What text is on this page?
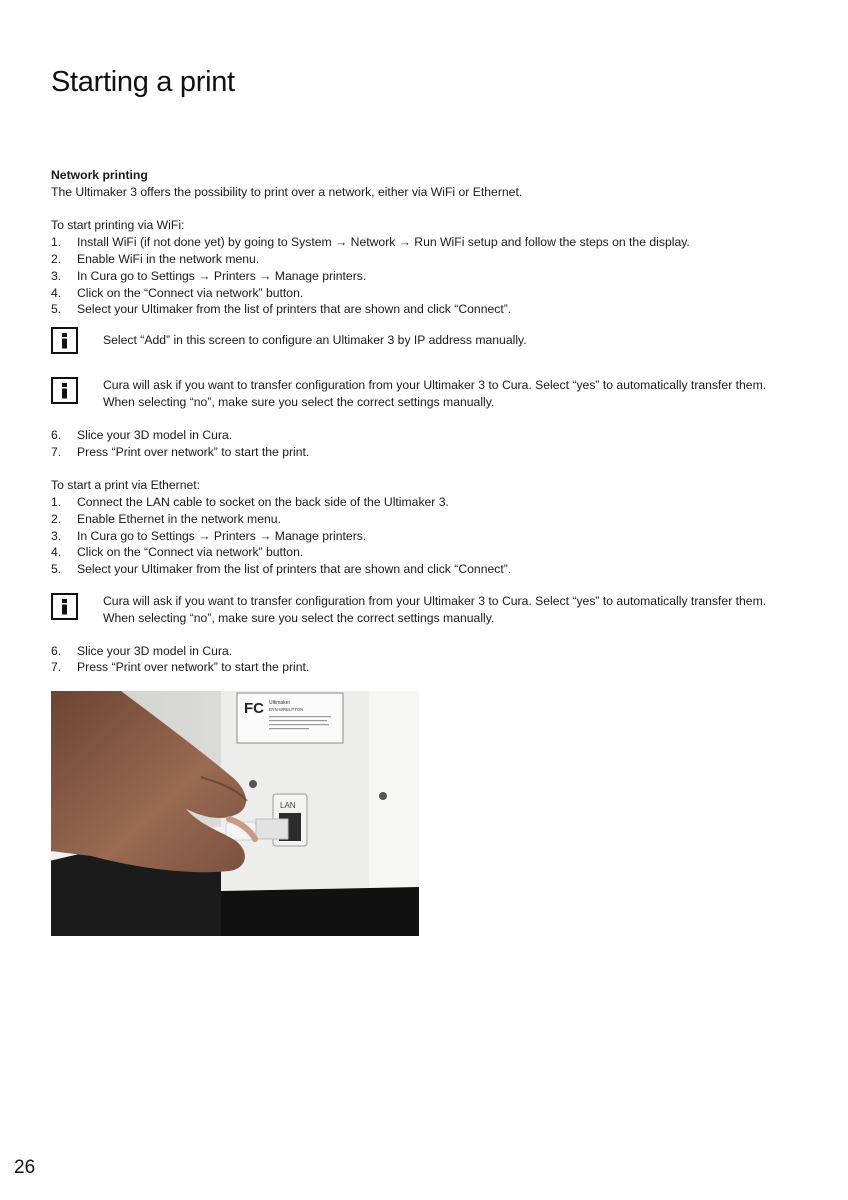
Starting a print

Network printing

The Ultimaker 3 offers the possibility to print over a network, either via WiFi or Ethernet.

To start printing via WiFi:

1.	Install WiFi (if not done yet) by going to System → Network → Run WiFi setup and follow the steps on the display.
2.	Enable WiFi in the network menu.
3.	In Cura go to Settings → Printers → Manage printers.
4.	Click on the “Connect via network” button.
5.	Select your Ultimaker from the list of printers that are shown and click “Connect”.
Select “Add” in this screen to configure an Ultimaker 3 by IP address manually.
Cura will ask if you want to transfer configuration from your Ultimaker 3 to Cura. Select “yes” to automatically transfer them. When selecting “no”, make sure you select the correct settings manually.
6.	Slice your 3D model in Cura.
7.	Press “Print over network” to start the print.

To start a print via Ethernet:

1.	Connect the LAN cable to socket on the back side of the Ultimaker 3.
2.	Enable Ethernet in the network menu.
3.	In Cura go to Settings → Printers → Manage printers.
4.	Click on the “Connect via network” button.
5.	Select your Ultimaker from the list of printers that are shown and click “Connect”.
Cura will ask if you want to transfer configuration from your Ultimaker 3 to Cura. Select “yes” to automatically transfer them. When selecting “no”, make sure you select the correct settings manually.
6.	Slice your 3D model in Cura.
7.	Press “Print over network” to start the print.
FC Ultimaker
BYN-WRBUTTON
LAN
26
